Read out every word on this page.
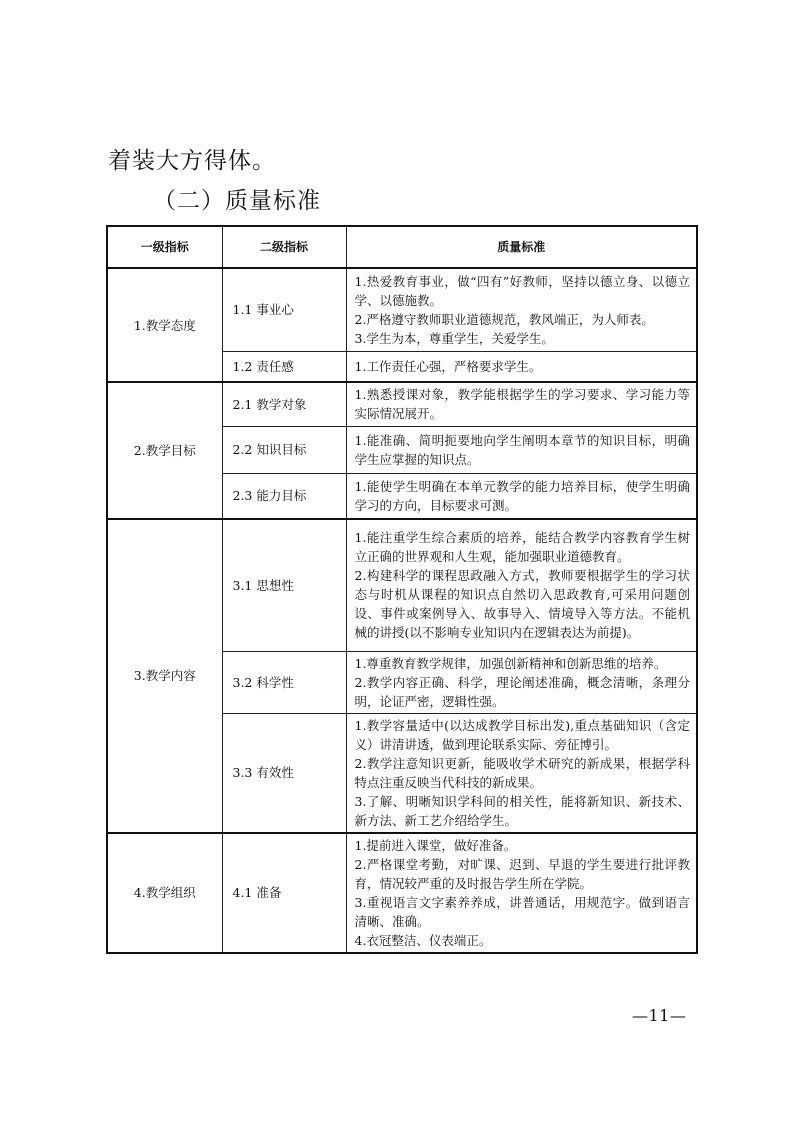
着装大方得体。

（二）质量标准
一级指标	二级指标	质量标准
1.教学态度	1.1 事业心	1.热爱教育事业，做“四有”好教师，坚持以德立身、以德立学、以德施教。
2.严格遵守教师职业道德规范，教风端正，为人师表。
3.学生为本，尊重学生，关爱学生。

	1.2 责任感	1.工作责任心强，严格要求学生。

2.教学目标	2.1 教学对象	1.熟悉授课对象，教学能根据学生的学习要求、学习能力等实际情况展开。

	2.2 知识目标	1.能准确、简明扼要地向学生阐明本章节的知识目标，明确学生应掌握的知识点。

	2.3 能力目标	1.能使学生明确在本单元教学的能力培养目标，使学生明确学习的方向，目标要求可测。

3.教学内容	3.1 思想性	1.能注重学生综合素质的培养，能结合教学内容教育学生树立正确的世界观和人生观，能加强职业道德教育。
2.构建科学的课程思政融入方式，教师要根据学生的学习状态与时机从课程的知识点自然切入思政教育,可采用问题创设、事件或案例导入、故事导入、情境导入等方法。不能机械的讲授(以不影响专业知识内在逻辑表达为前提)。

	3.2 科学性	1.尊重教育教学规律，加强创新精神和创新思维的培养。
2.教学内容正确、科学，理论阐述准确，概念清晰，条理分明，论证严密，逻辑性强。

	3.3 有效性	1.教学容量适中(以达成教学目标出发),重点基础知识（含定义）讲清讲透，做到理论联系实际、旁征博引。
2.教学注意知识更新，能吸收学术研究的新成果，根据学科特点注重反映当代科技的新成果。
3.了解、明晰知识学科间的相关性，能将新知识、新技术、新方法、新工艺介绍给学生。

4.教学组织	4.1 准备	1.提前进入课堂，做好准备。
2.严格课堂考勤，对旷课、迟到、早退的学生要进行批评教育，情况较严重的及时报告学生所在学院。
3.重视语言文字素养养成，讲普通话，用规范字。做到语言清晰、准确。
4.衣冠整洁、仪表端正。

—11—
